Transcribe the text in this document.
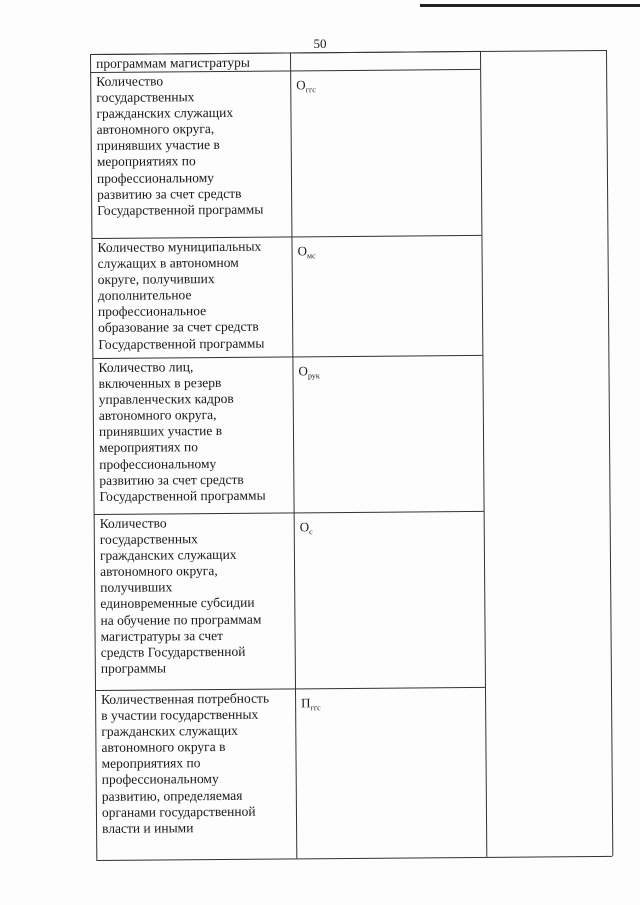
50
программам магистратуры
Количество
государственных
гражданских служащих
автономного округа,
принявших участие в
мероприятиях по
профессиональному
развитию за счет средств
Государственной программы
$О_{ггс}$
Количество муниципальных
служащих в автономном
округе, получивших
дополнительное
профессиональное
образование за счет средств
Государственной программы
$О_{мс}$
Количество лиц,
включенных в резерв
управленческих кадров
автономного округа,
принявших участие в
мероприятиях по
профессиональному
развитию за счет средств
Государственной программы
$О_{рук}$
Количество
государственных
гражданских служащих
автономного округа,
получивших
единовременные субсидии
на обучение по программам
магистратуры за счет
средств Государственной
программы
$О_с$
Количественная потребность
в участии государственных
гражданских служащих
автономного округа в
мероприятиях по
профессиональному
развитию, определяемая
органами государственной
власти и иными
$П_{ггс}$
